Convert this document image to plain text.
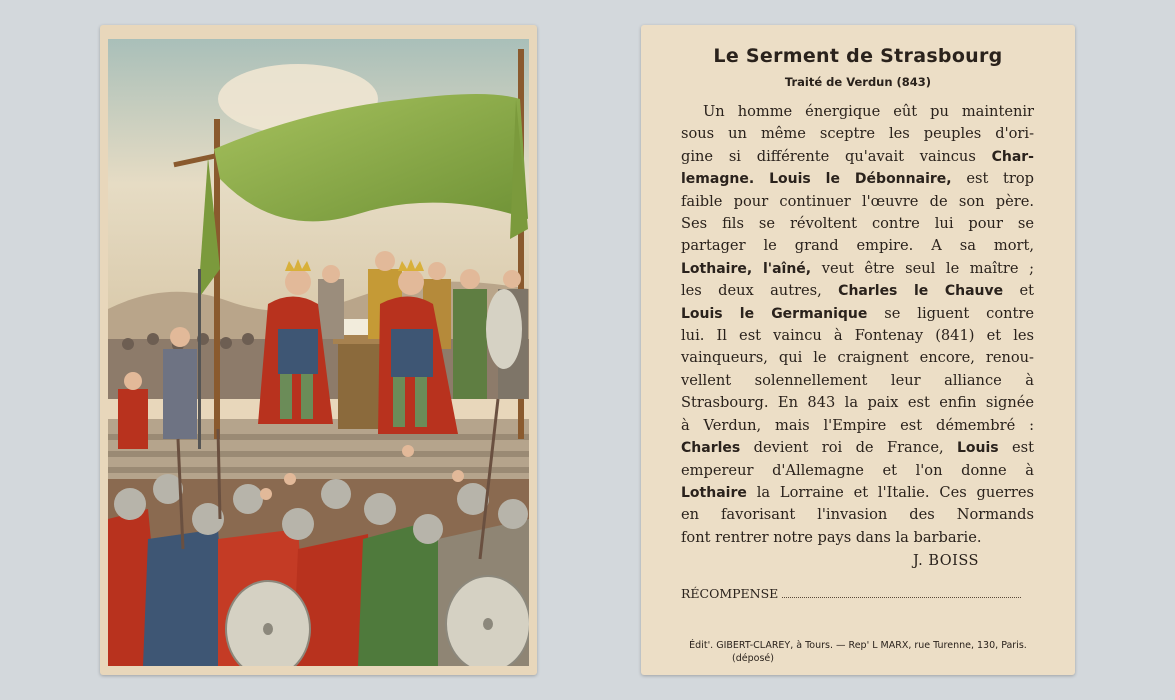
Le Serment de Strasbourg
Traité de Verdun (843)
Un homme énergique eût pu maintenir
sous un même sceptre les peuples d'ori-
gine si différente qu'avait vaincus Char-
lemagne. Louis le Débonnaire, est trop
faible pour continuer l'œuvre de son père.
Ses fils se révoltent contre lui pour se
partager le grand empire. A sa mort,
Lothaire, l'aîné, veut être seul le maître ;
les deux autres, Charles le Chauve et
Louis le Germanique se liguent contre
lui. Il est vaincu à Fontenay (841) et les
vainqueurs, qui le craignent encore, renou-
vellent solennellement leur alliance à
Strasbourg. En 843 la paix est enfin signée
à Verdun, mais l'Empire est démembré :
Charles devient roi de France, Louis est
empereur d'Allemagne et l'on donne à
Lothaire la Lorraine et l'Italie. Ces guerres
en favorisant l'invasion des Normands
font rentrer notre pays dans la barbarie.
J. BOISS
RÉCOMPENSE
Édit'. GIBERT-CLAREY, à Tours. — Rep' L MARX, rue Turenne, 130, Paris.
(déposé)
